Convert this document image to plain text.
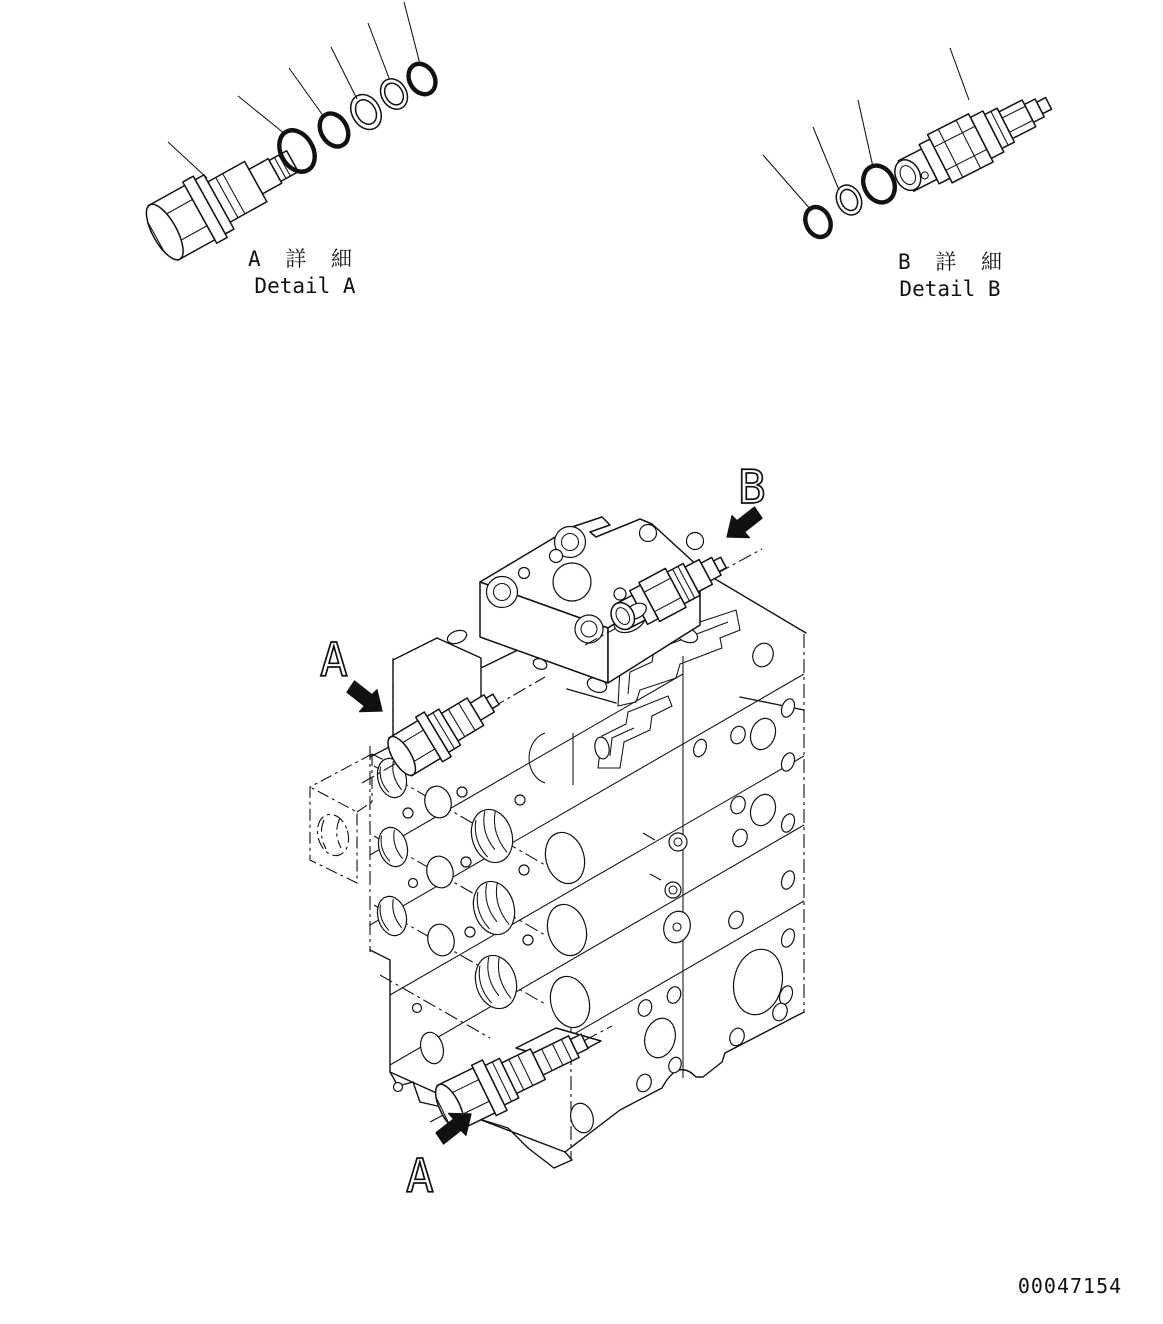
A 詳 細
Detail A
B 詳 細
Detail B
B
A
A
00047154
